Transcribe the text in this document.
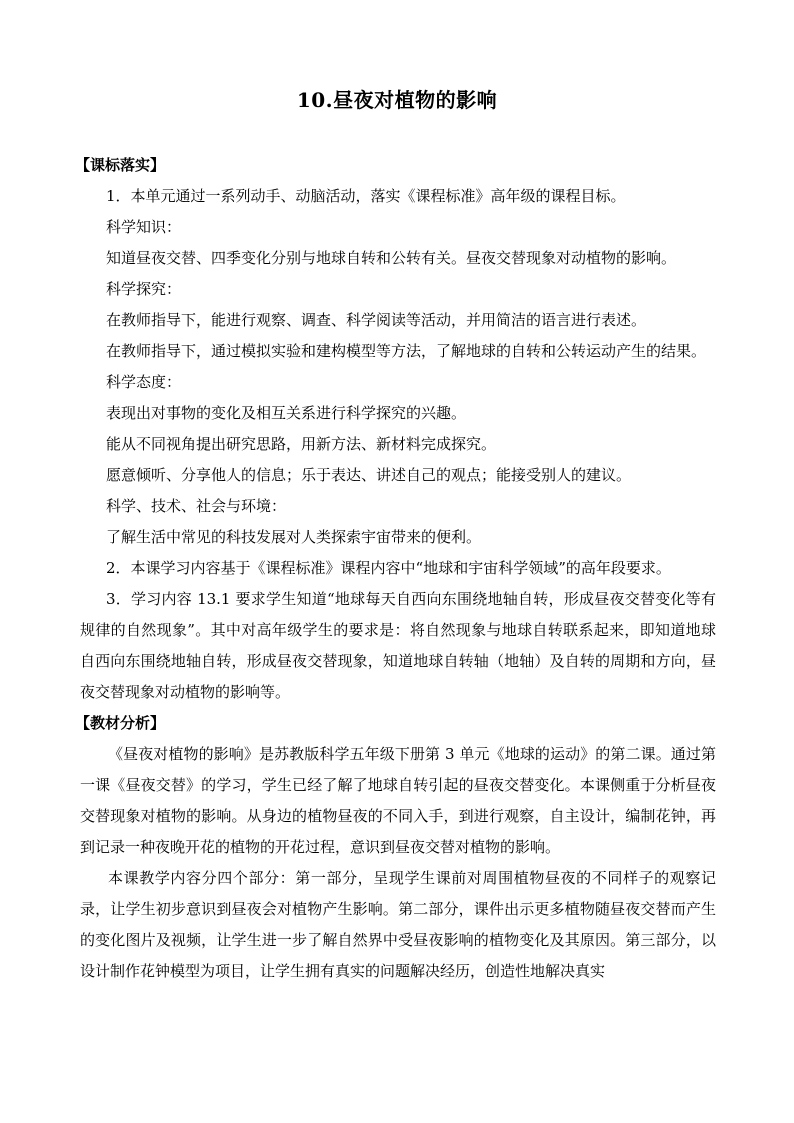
10.昼夜对植物的影响
【课标落实】

1．本单元通过一系列动手、动脑活动，落实《课程标准》高年级的课程目标。

科学知识：

知道昼夜交替、四季变化分别与地球自转和公转有关。昼夜交替现象对动植物的影响。

科学探究：

在教师指导下，能进行观察、调查、科学阅读等活动，并用简洁的语言进行表述。

在教师指导下，通过模拟实验和建构模型等方法，了解地球的自转和公转运动产生的结果。

科学态度：

表现出对事物的变化及相互关系进行科学探究的兴趣。

能从不同视角提出研究思路，用新方法、新材料完成探究。

愿意倾听、分享他人的信息；乐于表达、讲述自己的观点；能接受别人的建议。

科学、技术、社会与环境：

了解生活中常见的科技发展对人类探索宇宙带来的便利。

2．本课学习内容基于《课程标准》课程内容中“地球和宇宙科学领域”的高年段要求。

3．学习内容 13.1 要求学生知道“地球每天自西向东围绕地轴自转，形成昼夜交替变化等有规律的自然现象”。其中对高年级学生的要求是：将自然现象与地球自转联系起来，即知道地球自西向东围绕地轴自转，形成昼夜交替现象，知道地球自转轴（地轴）及自转的周期和方向，昼夜交替现象对动植物的影响等。

【教材分析】

《昼夜对植物的影响》是苏教版科学五年级下册第 3 单元《地球的运动》的第二课。通过第一课《昼夜交替》的学习，学生已经了解了地球自转引起的昼夜交替变化。本课侧重于分析昼夜交替现象对植物的影响。从身边的植物昼夜的不同入手，到进行观察，自主设计，编制花钟，再到记录一种夜晚开花的植物的开花过程，意识到昼夜交替对植物的影响。

本课教学内容分四个部分：第一部分，呈现学生课前对周围植物昼夜的不同样子的观察记录，让学生初步意识到昼夜会对植物产生影响。第二部分，课件出示更多植物随昼夜交替而产生的变化图片及视频，让学生进一步了解自然界中受昼夜影响的植物变化及其原因。第三部分，以设计制作花钟模型为项目，让学生拥有真实的问题解决经历，创造性地解决真实
